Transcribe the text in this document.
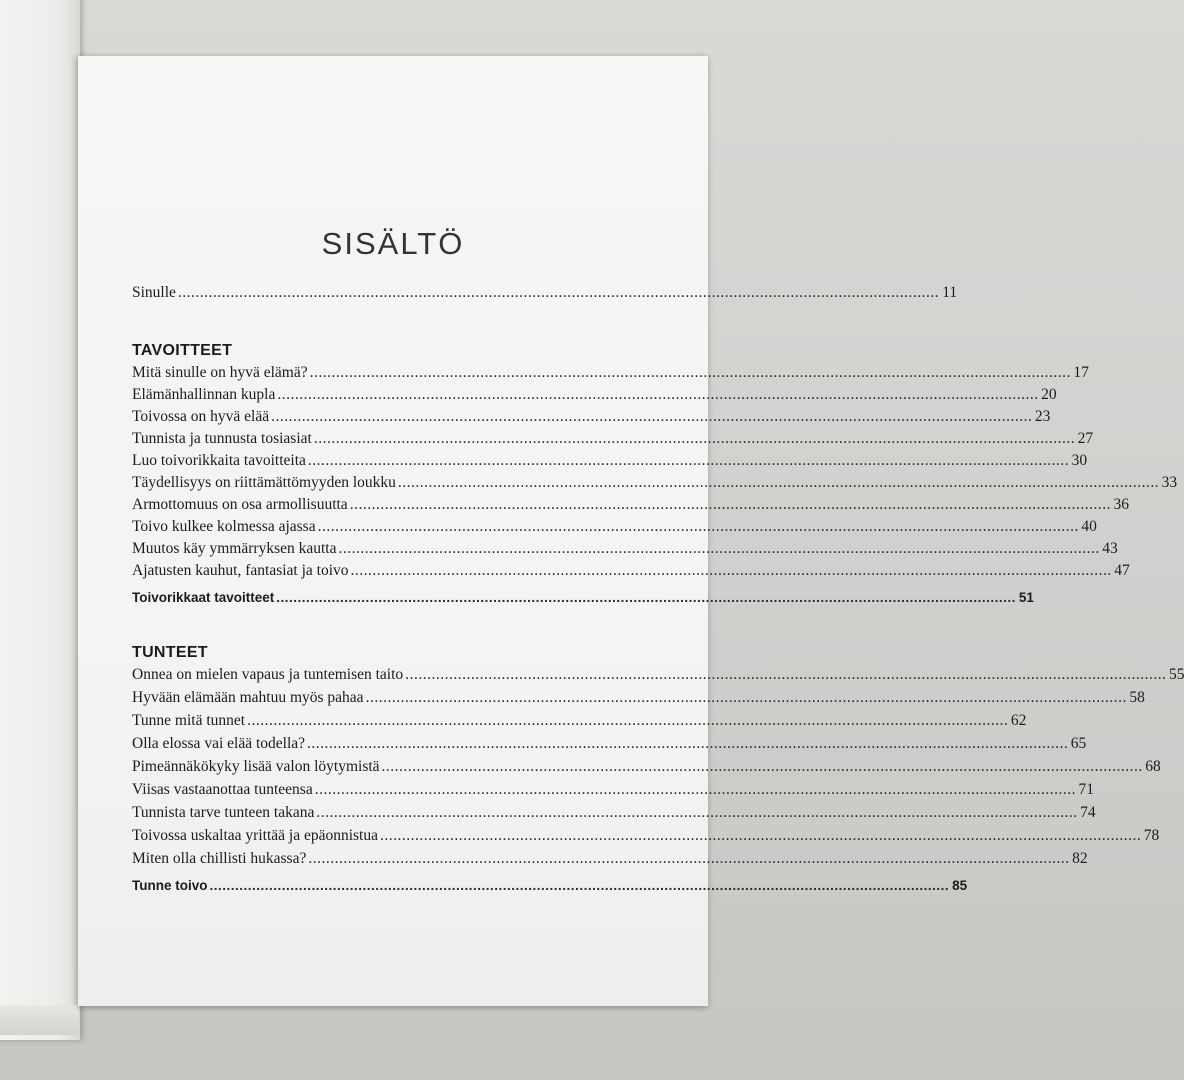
SISÄLTÖ
Sinulle .............................................................................................................................................................................. 11
TAVOITTEET
Mitä sinulle on hyvä elämä? .............................................................................................................................................................................. 17
Elämänhallinnan kupla .............................................................................................................................................................................. 20
Toivossa on hyvä elää .............................................................................................................................................................................. 23
Tunnista ja tunnusta tosiasiat .............................................................................................................................................................................. 27
Luo toivorikkaita tavoitteita .............................................................................................................................................................................. 30
Täydellisyys on riittämättömyyden loukku .............................................................................................................................................................................. 33
Armottomuus on osa armollisuutta .............................................................................................................................................................................. 36
Toivo kulkee kolmessa ajassa .............................................................................................................................................................................. 40
Muutos käy ymmärryksen kautta .............................................................................................................................................................................. 43
Ajatusten kauhut, fantasiat ja toivo .............................................................................................................................................................................. 47
Toivorikkaat tavoitteet .............................................................................................................................................................................. 51
TUNTEET
Onnea on mielen vapaus ja tuntemisen taito .............................................................................................................................................................................. 55
Hyvään elämään mahtuu myös pahaa .............................................................................................................................................................................. 58
Tunne mitä tunnet .............................................................................................................................................................................. 62
Olla elossa vai elää todella? .............................................................................................................................................................................. 65
Pimeännäkökyky lisää valon löytymistä .............................................................................................................................................................................. 68
Viisas vastaanottaa tunteensa .............................................................................................................................................................................. 71
Tunnista tarve tunteen takana .............................................................................................................................................................................. 74
Toivossa uskaltaa yrittää ja epäonnistua .............................................................................................................................................................................. 78
Miten olla chillisti hukassa? .............................................................................................................................................................................. 82
Tunne toivo .............................................................................................................................................................................. 85
